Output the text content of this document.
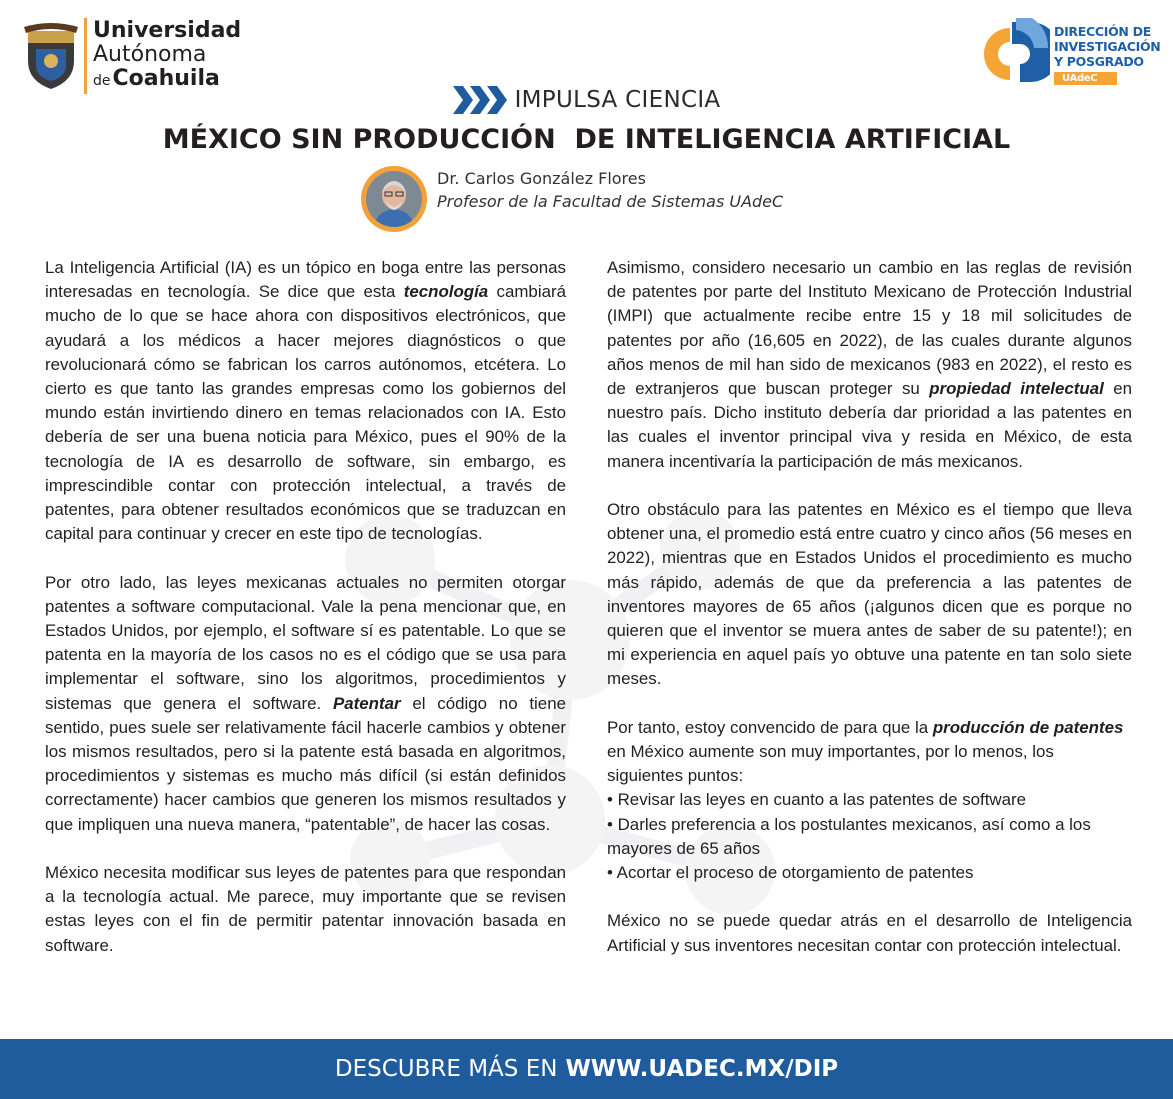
Universidad
Autónoma
deCoahuila
DIRECCIÓN DE
INVESTIGACIÓN
Y POSGRADO
UAdeC
IMPULSA CIENCIA
MÉXICO SIN PRODUCCIÓN  DE INTELIGENCIA ARTIFICIAL
Dr. Carlos González Flores
Profesor de la Facultad de Sistemas UAdeC

La Inteligencia Artificial (IA) es un tópico en boga entre las personas interesadas en tecnología. Se dice que esta tecnología cambiará mucho de lo que se hace ahora con dispositivos electrónicos, que ayudará a los médicos a hacer mejores diagnósticos o que revolucionará cómo se fabrican los carros autónomos, etcétera. Lo cierto es que tanto las grandes empresas como los gobiernos del mundo están invirtiendo dinero en temas relacionados con IA. Esto debería de ser una buena noticia para México, pues el 90% de la tecnología de IA es desarrollo de software, sin embargo, es imprescindible contar con protección intelectual, a través de patentes, para obtener resultados económicos que se traduzcan en capital para continuar y crecer en este tipo de tecnologías.

Por otro lado, las leyes mexicanas actuales no permiten otorgar patentes a software computacional. Vale la pena mencionar que, en Estados Unidos, por ejemplo, el software sí es patentable. Lo que se patenta en la mayoría de los casos no es el código que se usa para implementar el software, sino los algoritmos, procedimientos y sistemas que genera el software. Patentar el código no tiene sentido, pues suele ser relativamente fácil hacerle cambios y obtener los mismos resultados, pero si la patente está basada en algoritmos, procedimientos y sistemas es mucho más difícil (si están definidos correctamente) hacer cambios que generen los mismos resultados y que impliquen una nueva manera, “patentable”, de hacer las cosas.

México necesita modificar sus leyes de patentes para que respondan a la tecnología actual. Me parece, muy importante que se revisen estas leyes con el fin de permitir patentar innovación basada en software.

Asimismo, considero necesario un cambio en las reglas de revisión de patentes por parte del Instituto Mexicano de Protección Industrial (IMPI) que actualmente recibe entre 15 y 18 mil solicitudes de patentes por año (16,605 en 2022), de las cuales durante algunos años menos de mil han sido de mexicanos (983 en 2022), el resto es de extranjeros que buscan proteger su propiedad intelectual en nuestro país. Dicho instituto debería dar prioridad a las patentes en las cuales el inventor principal viva y resida en México, de esta manera incentivaría la participación de más mexicanos.

Otro obstáculo para las patentes en México es el tiempo que lleva obtener una, el promedio está entre cuatro y cinco años (56 meses en 2022), mientras que en Estados Unidos el procedimiento es mucho más rápido, además de que da preferencia a las patentes de inventores mayores de 65 años (¡algunos dicen que es porque no quieren que el inventor se muera antes de saber de su patente!); en mi experiencia en aquel país yo obtuve una patente en tan solo siete meses.

Por tanto, estoy convencido de para que la producción de patentes en México aumente son muy importantes, por lo menos, los siguientes puntos:

• Revisar las leyes en cuanto a las patentes de software

• Darles preferencia a los postulantes mexicanos, así como a los mayores de 65 años

• Acortar el proceso de otorgamiento de patentes

México no se puede quedar atrás en el desarrollo de Inteligencia Artificial y sus inventores necesitan contar con protección intelectual.

DESCUBRE MÁS EN WWW.UADEC.MX/DIP
